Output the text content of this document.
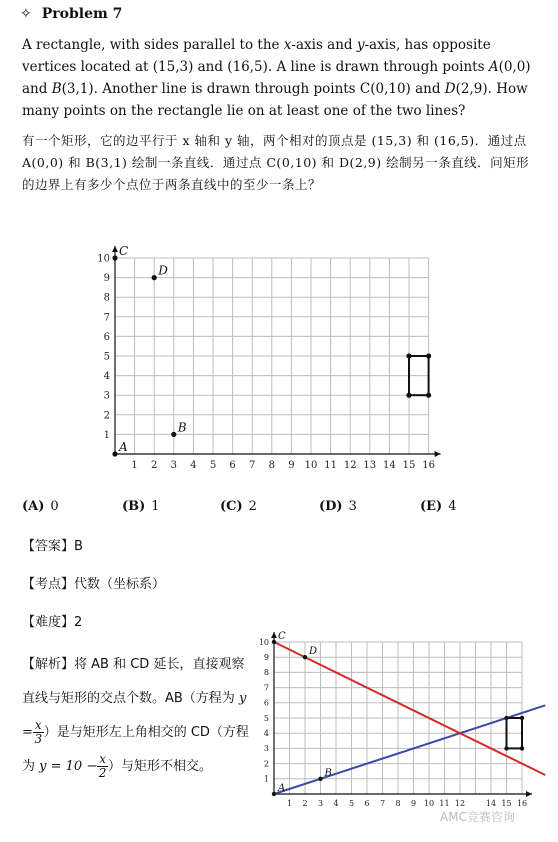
✧ Problem 7
A rectangle, with sides parallel to the x-axis and y-axis, has opposite vertices located at (15,3) and (16,5). A line is drawn through points A(0,0) and B(3,1). Another line is drawn through points C(0,10) and D(2,9). How many points on the rectangle lie on at least one of the two lines?
有一个矩形，它的边平行于 x 轴和 y 轴，两个相对的顶点是 (15,3) 和 (16,5)．通过点 A(0,0) 和 B(3,1) 绘制一条直线．通过点 C(0,10) 和 D(2,9) 绘制另一条直线．问矩形的边界上有多少个点位于两条直线中的至少一条上？
1 2 3 4 5 6 7 8 9 10 11 12 13 14 15 16
1
2
3
4
5
6
7
8
9
10
A
B
C
D
(A) 0	(B) 1	(C) 2	(D) 3	(E) 4
【答案】B
【考点】代数（坐标系）
【难度】2
【解析】将 AB 和 CD 延长，直接观察直线与矩形的交点个数。AB（方程为 $y = \frac{x}{3}$ ）是与矩形左上角相交的 CD（方程为 $y = 10 - \frac{x}{2}$ ）与矩形不相交。
1 2 3 4 5 6 7 8 9 10 11 12	14 15 16
1
2
3
4
5
6
7
8
9
10
A
B
C
D
AMC竞赛咨询
